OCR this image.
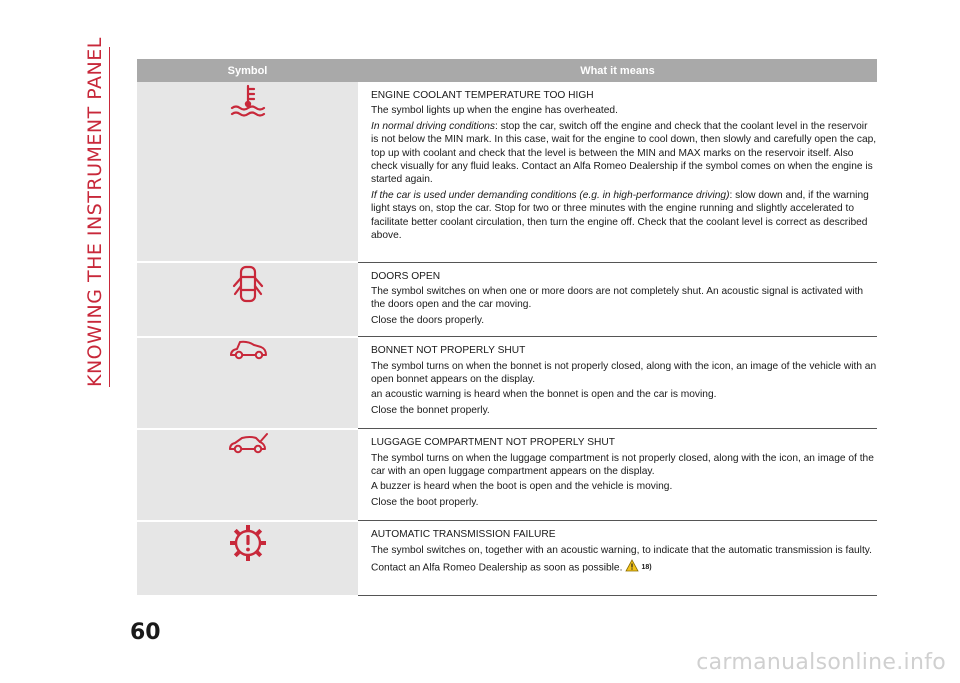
KNOWING THE INSTRUMENT PANEL	Symbol	What it means

ENGINE COOLANT TEMPERATURE TOO HIGH
The symbol lights up when the engine has overheated.
In normal driving conditions: stop the car, switch off the engine and check that the coolant level in the reservoir is not below the MIN mark. In this case, wait for the engine to cool down, then slowly and carefully open the cap, top up with coolant and check that the level is between the MIN and MAX marks on the reservoir itself. Also check visually for any fluid leaks. Contact an Alfa Romeo Dealership if the symbol comes on when the engine is started again.
If the car is used under demanding conditions (e.g. in high-performance driving): slow down and, if the warning light stays on, stop the car. Stop for two or three minutes with the engine running and slightly accelerated to facilitate better coolant circulation, then turn the engine off. Check that the coolant level is correct as described above.

DOORS OPEN
The symbol switches on when one or more doors are not completely shut. An acoustic signal is activated with the doors open and the car moving.
Close the doors properly.

BONNET NOT PROPERLY SHUT
The symbol turns on when the bonnet is not properly closed, along with the icon, an image of the vehicle with an open bonnet appears on the display.
an acoustic warning is heard when the bonnet is open and the car is moving.
Close the bonnet properly.

LUGGAGE COMPARTMENT NOT PROPERLY SHUT
The symbol turns on when the luggage compartment is not properly closed, along with the icon, an image of the car with an open luggage compartment appears on the display.
A buzzer is heard when the boot is open and the vehicle is moving.
Close the boot properly.

AUTOMATIC TRANSMISSION FAILURE
The symbol switches on, together with an acoustic warning, to indicate that the automatic transmission is faulty.
Contact an Alfa Romeo Dealership as soon as possible. 18)
60
carmanualsonline.info
